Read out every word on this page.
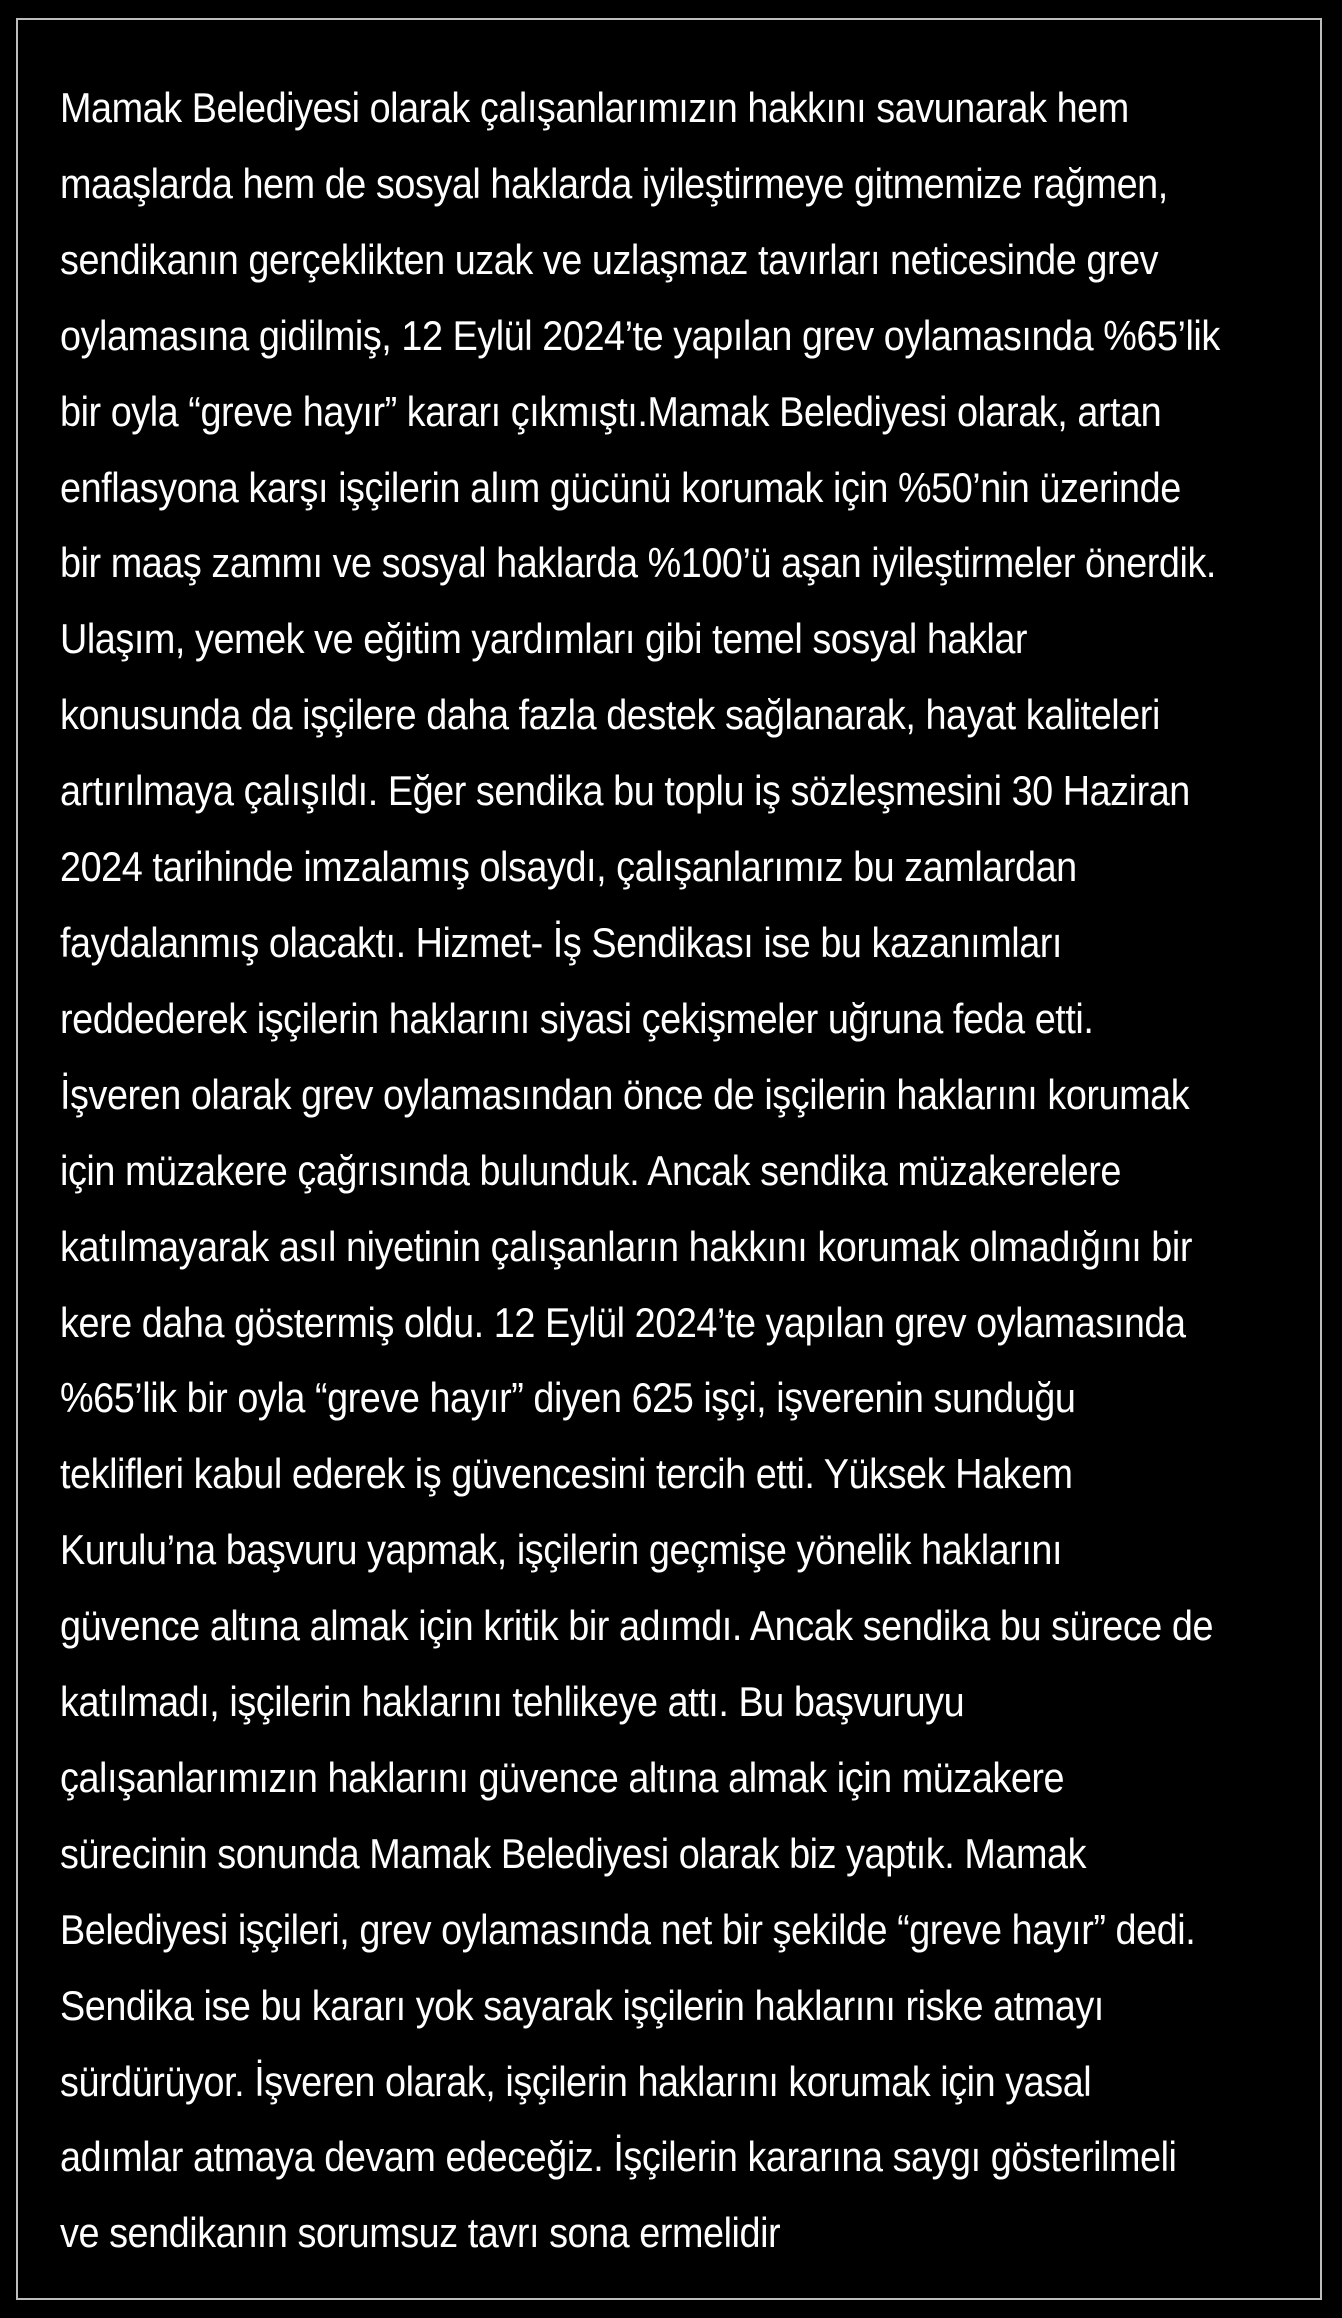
Mamak Belediyesi olarak çalışanlarımızın hakkını savunarak hem
maaşlarda hem de sosyal haklarda iyileştirmeye gitmemize rağmen,
sendikanın gerçeklikten uzak ve uzlaşmaz tavırları neticesinde grev
oylamasına gidilmiş, 12 Eylül 2024’te yapılan grev oylamasında %65’lik
bir oyla “greve hayır” kararı çıkmıştı.Mamak Belediyesi olarak, artan
enflasyona karşı işçilerin alım gücünü korumak için %50’nin üzerinde
bir maaş zammı ve sosyal haklarda %100’ü aşan iyileştirmeler önerdik.
Ulaşım, yemek ve eğitim yardımları gibi temel sosyal haklar
konusunda da işçilere daha fazla destek sağlanarak, hayat kaliteleri
artırılmaya çalışıldı. Eğer sendika bu toplu iş sözleşmesini 30 Haziran
2024 tarihinde imzalamış olsaydı, çalışanlarımız bu zamlardan
faydalanmış olacaktı. Hizmet- İş Sendikası ise bu kazanımları
reddederek işçilerin haklarını siyasi çekişmeler uğruna feda etti.
İşveren olarak grev oylamasından önce de işçilerin haklarını korumak
için müzakere çağrısında bulunduk. Ancak sendika müzakerelere
katılmayarak asıl niyetinin çalışanların hakkını korumak olmadığını bir
kere daha göstermiş oldu. 12 Eylül 2024’te yapılan grev oylamasında
%65’lik bir oyla “greve hayır” diyen 625 işçi, işverenin sunduğu
teklifleri kabul ederek iş güvencesini tercih etti. Yüksek Hakem
Kurulu’na başvuru yapmak, işçilerin geçmişe yönelik haklarını
güvence altına almak için kritik bir adımdı. Ancak sendika bu sürece de
katılmadı, işçilerin haklarını tehlikeye attı. Bu başvuruyu
çalışanlarımızın haklarını güvence altına almak için müzakere
sürecinin sonunda Mamak Belediyesi olarak biz yaptık. Mamak
Belediyesi işçileri, grev oylamasında net bir şekilde “greve hayır” dedi.
Sendika ise bu kararı yok sayarak işçilerin haklarını riske atmayı
sürdürüyor. İşveren olarak, işçilerin haklarını korumak için yasal
adımlar atmaya devam edeceğiz. İşçilerin kararına saygı gösterilmeli
ve sendikanın sorumsuz tavrı sona ermelidir
